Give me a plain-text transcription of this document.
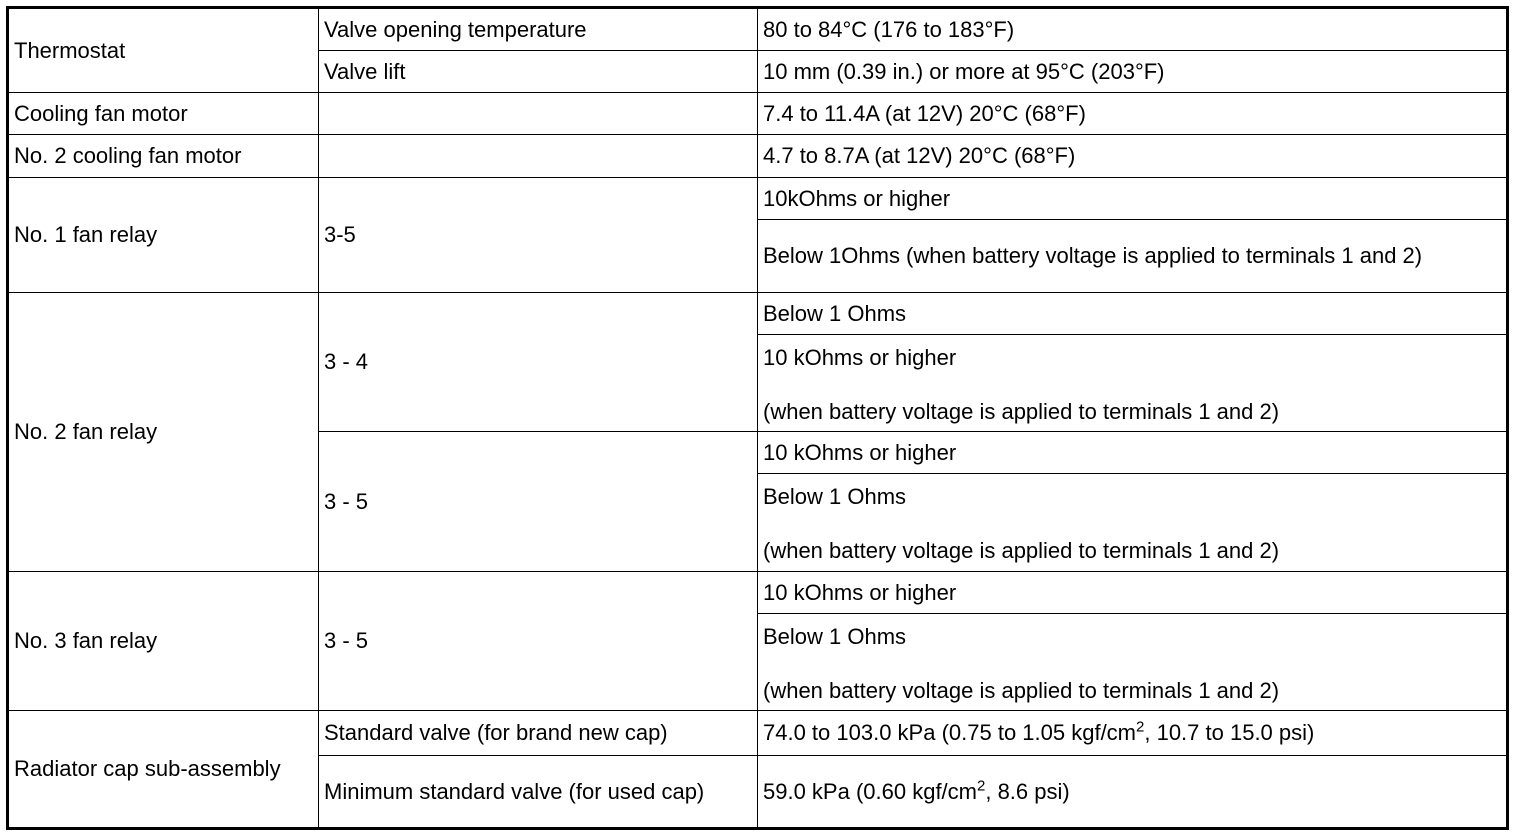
Thermostat	Valve opening temperature	80 to 84°C (176 to 183°F)
	Valve lift	10 mm (0.39 in.) or more at 95°C (203°F)
Cooling fan motor		7.4 to 11.4A (at 12V) 20°C (68°F)
No. 2 cooling fan motor		4.7 to 8.7A (at 12V) 20°C (68°F)
No. 1 fan relay	3-5	10kOhms or higher
		Below 1Ohms (when battery voltage is applied to terminals 1 and 2)
No. 2 fan relay	3 - 4	Below 1 Ohms
		10 kOhms or higher
(when battery voltage is applied to terminals 1 and 2)

	3 - 5	10 kOhms or higher
		Below 1 Ohms
(when battery voltage is applied to terminals 1 and 2)

No. 3 fan relay	3 - 5	10 kOhms or higher
		Below 1 Ohms
(when battery voltage is applied to terminals 1 and 2)

Radiator cap sub-assembly	Standard valve (for brand new cap)	74.0 to 103.0 kPa (0.75 to 1.05 kgf/$cm^2$, 10.7 to 15.0 psi)
	Minimum standard valve (for used cap)	59.0 kPa (0.60 kgf/$cm^2$, 8.6 psi)
